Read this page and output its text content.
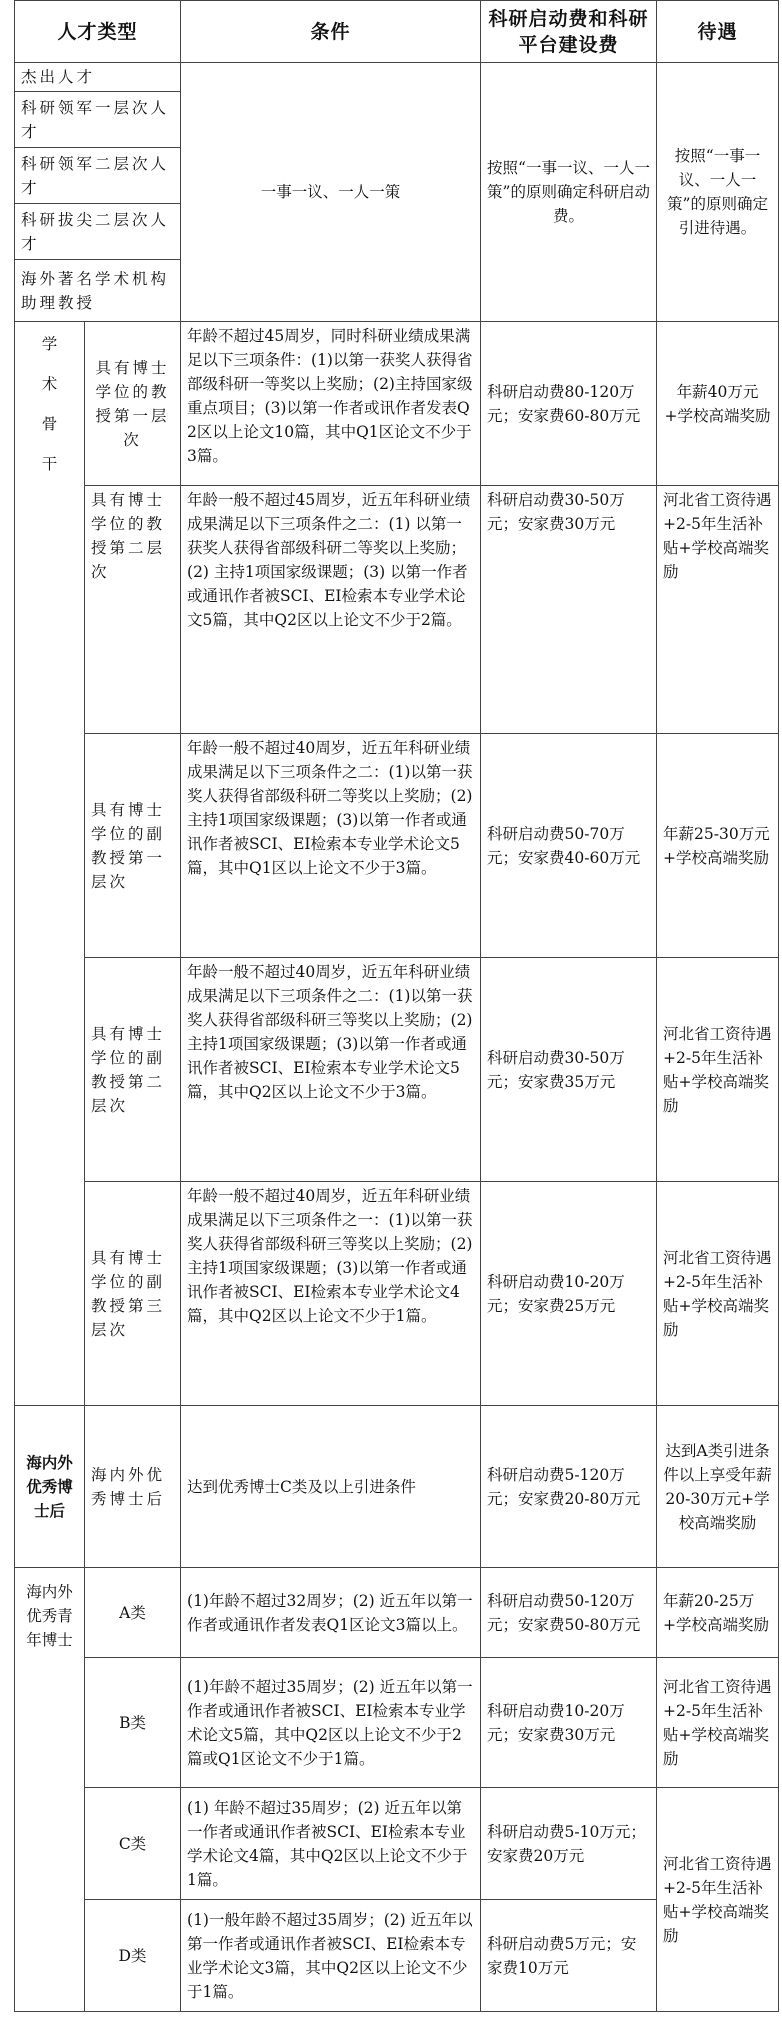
人才类型		条件	科研启动费和科研平台建设费	待遇
杰出人才		一事一议、一人一策	按照“一事一议、一人一策”的原则确定科研启动费。	按照“一事一议、一人一策”的原则确定引进待遇。
科研领军一层次人才				
科研领军二层次人才				
科研拔尖二层次人才				
海外著名学术机构助理教授				

学术骨干	具有博士学位的教授第一层次	年龄不超过45周岁，同时科研业绩成果满足以下三项条件：(1)以第一获奖人获得省部级科研一等奖以上奖励；(2)主持国家级重点项目；(3)以第一作者或讯作者发表Q2区以上论文10篇，其中Q1区论文不少于3篇。	科研启动费80-120万元；安家费60-80万元	年薪40万元+学校高端奖励
	具有博士学位的教授第二层次	年龄一般不超过45周岁，近五年科研业绩成果满足以下三项条件之二：(1) 以第一获奖人获得省部级科研二等奖以上奖励；(2) 主持1项国家级课题；(3) 以第一作者或通讯作者被SCI、EI检索本专业学术论文5篇，其中Q2区以上论文不少于2篇。	科研启动费30-50万元；安家费30万元	河北省工资待遇+2-5年生活补贴+学校高端奖励
	具有博士学位的副教授第一层次	年龄一般不超过40周岁，近五年科研业绩成果满足以下三项条件之二：(1)以第一获奖人获得省部级科研二等奖以上奖励；(2)主持1项国家级课题；(3)以第一作者或通讯作者被SCI、EI检索本专业学术论文5篇，其中Q1区以上论文不少于3篇。	科研启动费50-70万元；安家费40-60万元	年薪25-30万元+学校高端奖励
	具有博士学位的副教授第二层次	年龄一般不超过40周岁，近五年科研业绩成果满足以下三项条件之二：(1)以第一获奖人获得省部级科研三等奖以上奖励；(2)主持1项国家级课题；(3)以第一作者或通讯作者被SCI、EI检索本专业学术论文5篇，其中Q2区以上论文不少于3篇。	科研启动费30-50万元；安家费35万元	河北省工资待遇+2-5年生活补贴+学校高端奖励
	具有博士学位的副教授第三层次	年龄一般不超过40周岁，近五年科研业绩成果满足以下三项条件之一：(1)以第一获奖人获得省部级科研三等奖以上奖励；(2)主持1项国家级课题；(3)以第一作者或通讯作者被SCI、EI检索本专业学术论文4篇，其中Q2区以上论文不少于1篇。	科研启动费10-20万元；安家费25万元	河北省工资待遇+2-5年生活补贴+学校高端奖励
海内外优秀博士后	海内外优秀博士后	达到优秀博士C类及以上引进条件	科研启动费5-120万元；安家费20-80万元	达到A类引进条件以上享受年薪20-30万元+学校高端奖励
海内外优秀青年博士	A类	(1)年龄不超过32周岁；(2) 近五年以第一作者或通讯作者发表Q1区论文3篇以上。	科研启动费50-120万元；安家费50-80万元	年薪20-25万+学校高端奖励
	B类	(1)年龄不超过35周岁；(2) 近五年以第一作者或通讯作者被SCI、EI检索本专业学术论文5篇，其中Q2区以上论文不少于2篇或Q1区论文不少于1篇。	科研启动费10-20万元；安家费30万元	河北省工资待遇+2-5年生活补贴+学校高端奖励
	C类	(1) 年龄不超过35周岁；(2) 近五年以第一作者或通讯作者被SCI、EI检索本专业学术论文4篇，其中Q2区以上论文不少于1篇。	科研启动费5-10万元；安家费20万元	河北省工资待遇+2-5年生活补贴+学校高端奖励
	D类	(1)一般年龄不超过35周岁；(2) 近五年以第一作者或通讯作者被SCI、EI检索本专业学术论文3篇，其中Q2区以上论文不少于1篇。	科研启动费5万元；安家费10万元	
